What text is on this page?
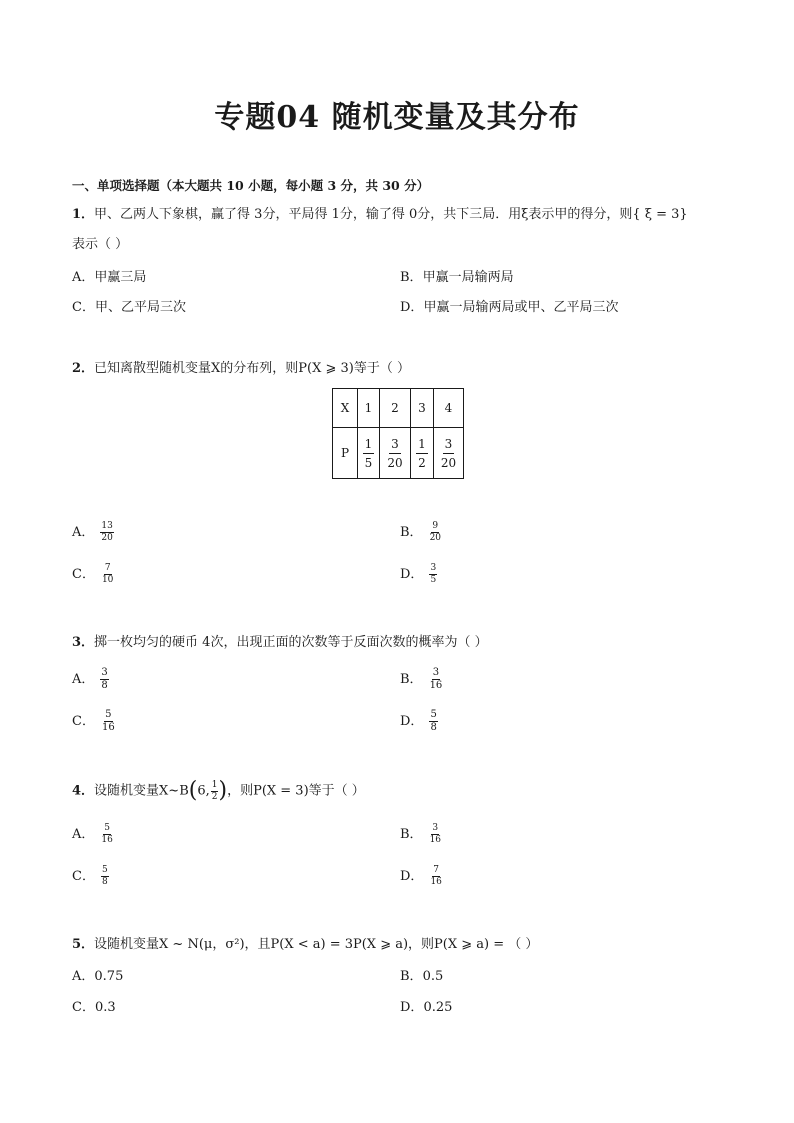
专题04 随机变量及其分布
一、单项选择题（本大题共 10 小题，每小题 3 分，共 30 分）
1．甲、乙两人下象棋，赢了得 3分，平局得 1分，输了得 0分，共下三局．用ξ表示甲的得分，则{ ξ = 3}
表示（ ）
A．甲赢三局	B．甲赢一局输两局
C．甲、乙平局三次	D．甲赢一局输两局或甲、乙平局三次
2．已知离散型随机变量X的分布列，则P(X ⩾ 3)等于（ ）
X	1	2	3	4
P	$\frac{1}{5}$	$\frac{3}{20}$	$\frac{1}{2}$	$\frac{3}{20}$
A． $\frac{13}{20}$	B． $\frac{9}{20}$
C． $\frac{7}{10}$	D． $\frac{3}{5}$
3．掷一枚均匀的硬币 4次，出现正面的次数等于反面次数的概率为（ ）
A． $\frac{3}{8}$	B． $\frac{3}{16}$
C． $\frac{5}{16}$	D． $\frac{5}{8}$
4．设随机变量X~B(6, $\frac{1}{2}$ )，则P(X = 3)等于（ ）
A． $\frac{5}{16}$	B． $\frac{3}{16}$
C． $\frac{5}{8}$	D． $\frac{7}{16}$
5．设随机变量X ~ N(μ，σ²)，且P(X < a) = 3P(X ⩾ a)，则P(X ⩾ a) = （ ）
A．0.75	B．0.5
C．0.3	D．0.25
